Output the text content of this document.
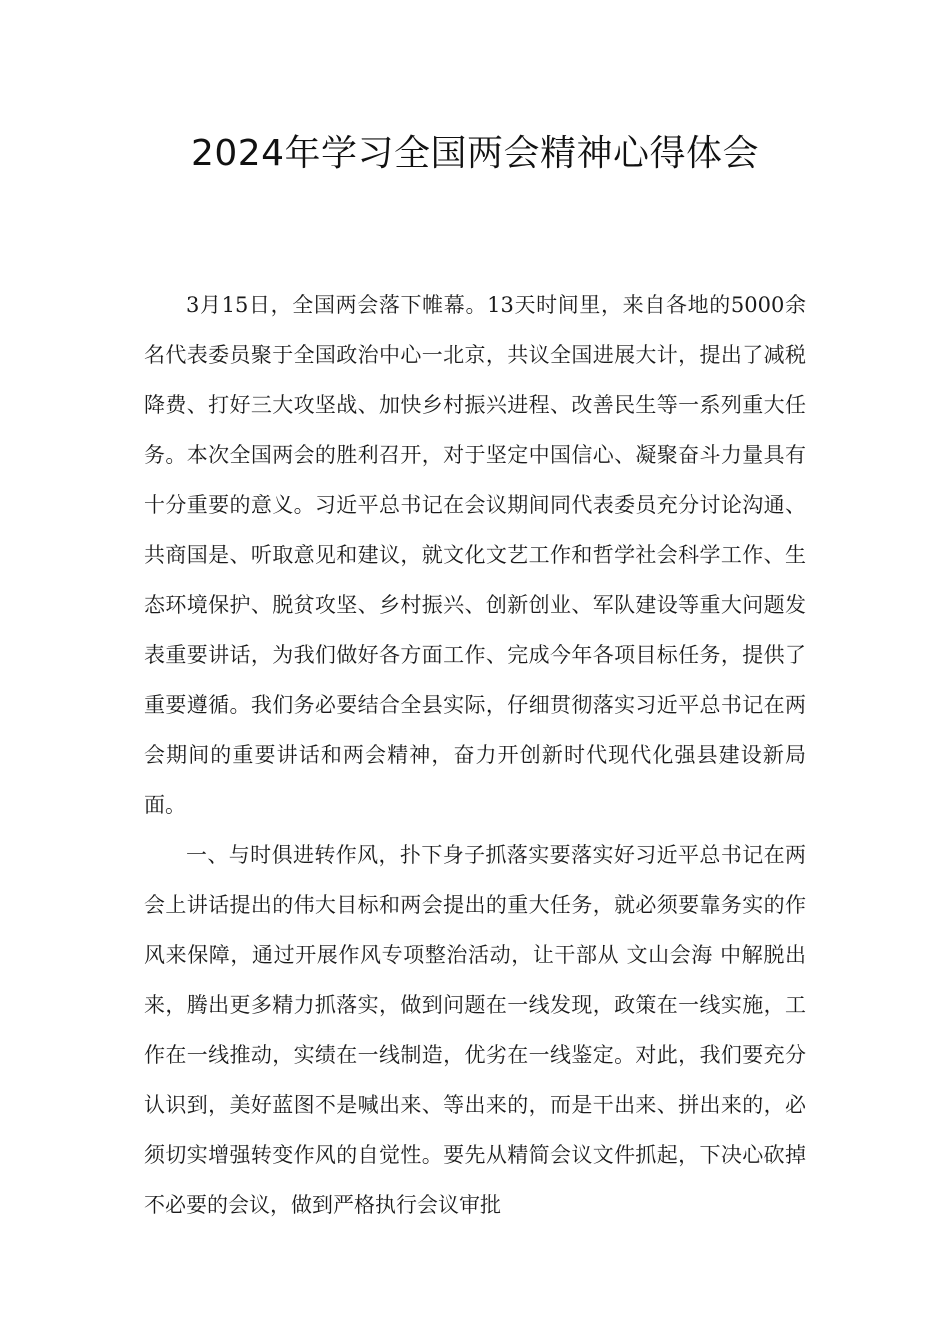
2024年学习全国两会精神心得体会

3月15日，全国两会落下帷幕。13天时间里，来自各地的5000余名代表委员聚于全国政治中心一北京，共议全国进展大计，提出了减税降费、打好三大攻坚战、加快乡村振兴进程、改善民生等一系列重大任务。本次全国两会的胜利召开，对于坚定中国信心、凝聚奋斗力量具有十分重要的意义。习近平总书记在会议期间同代表委员充分讨论沟通、共商国是、听取意见和建议，就文化文艺工作和哲学社会科学工作、生态环境保护、脱贫攻坚、乡村振兴、创新创业、军队建设等重大问题发表重要讲话，为我们做好各方面工作、完成今年各项目标任务，提供了重要遵循。我们务必要结合全县实际，仔细贯彻落实习近平总书记在两会期间的重要讲话和两会精神，奋力开创新时代现代化强县建设新局面。

一、与时俱进转作风，扑下身子抓落实要落实好习近平总书记在两会上讲话提出的伟大目标和两会提出的重大任务，就必须要靠务实的作风来保障，通过开展作风专项整治活动，让干部从 文山会海 中解脱出来，腾出更多精力抓落实，做到问题在一线发现，政策在一线实施，工作在一线推动，实绩在一线制造，优劣在一线鉴定。对此，我们要充分认识到，美好蓝图不是喊出来、等出来的，而是干出来、拼出来的，必须切实增强转变作风的自觉性。要先从精简会议文件抓起，下决心砍掉不必要的会议，做到严格执行会议审批
